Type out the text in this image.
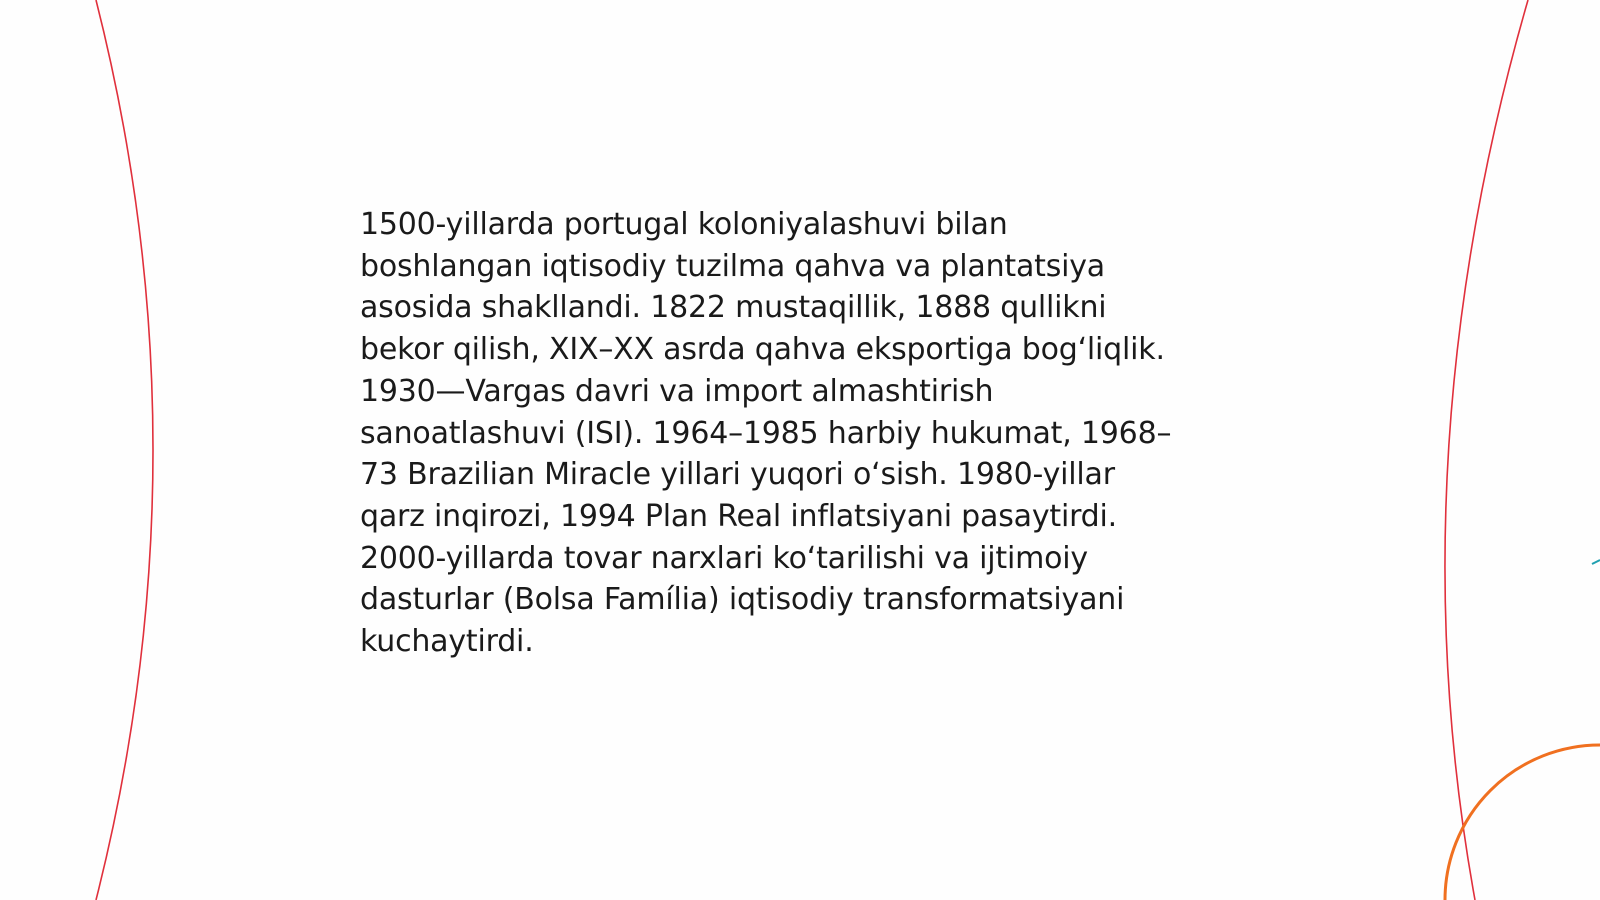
1500-yillarda portugal koloniyalashuvi bilan
boshlangan iqtisodiy tuzilma qahva va plantatsiya
asosida shakllandi. 1822 mustaqillik, 1888 qullikni
bekor qilish, XIX–XX asrda qahva eksportiga bogʻliqlik.
1930—Vargas davri va import almashtirish
sanoatlashuvi (ISI). 1964–1985 harbiy hukumat, 1968–
73 Brazilian Miracle yillari yuqori oʻsish. 1980-yillar
qarz inqirozi, 1994 Plan Real inflatsiyani pasaytirdi.
2000-yillarda tovar narxlari koʻtarilishi va ijtimoiy
dasturlar (Bolsa Família) iqtisodiy transformatsiyani
kuchaytirdi.
